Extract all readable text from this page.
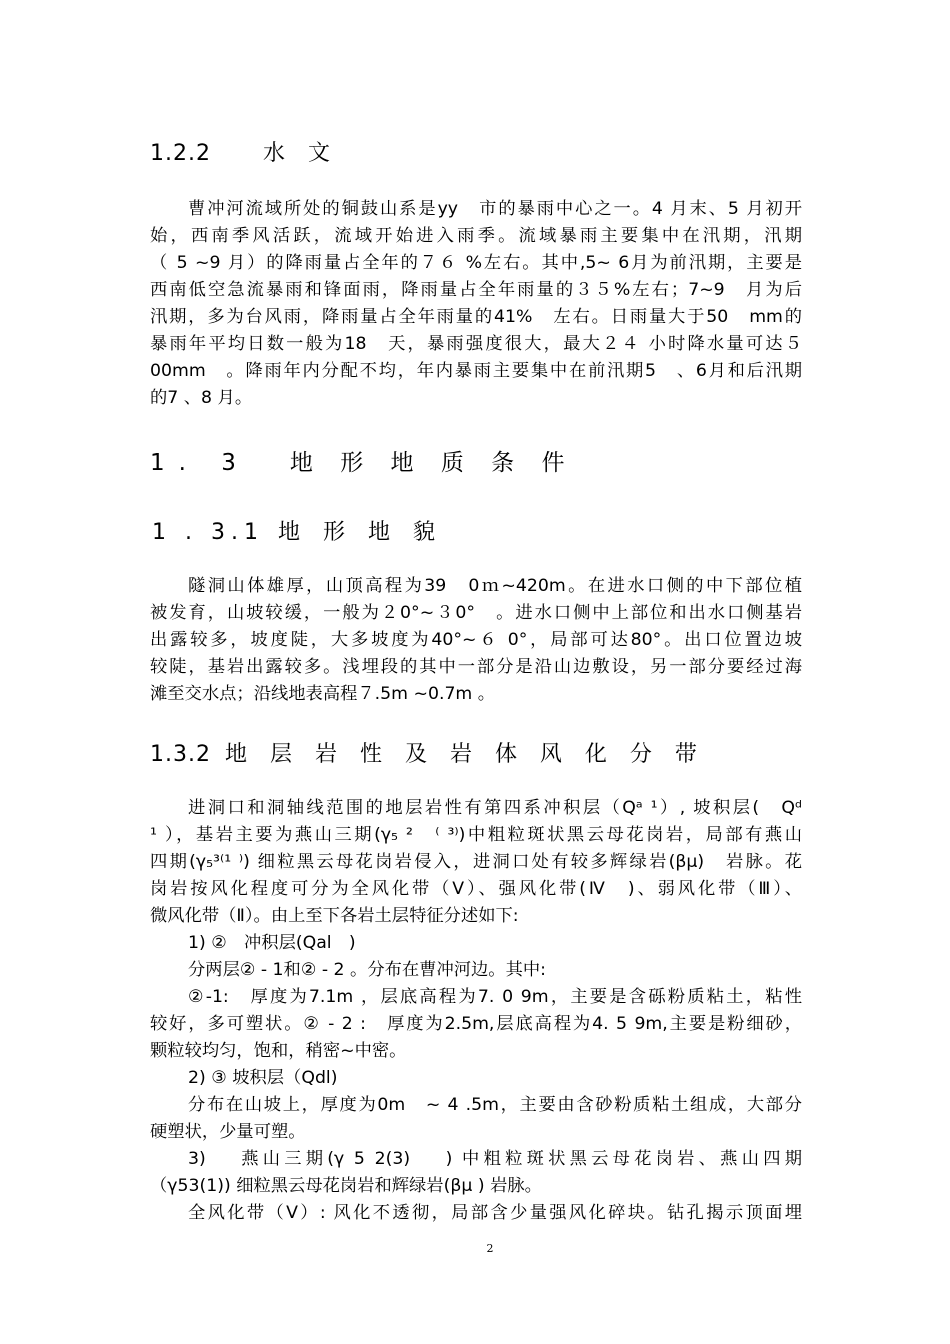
1.2.2 水 文
曹冲河流域所处的铜鼓山系是yy　市的暴雨中心之一。4 月末、5 月初开
始，西南季风活跃，流域开始进入雨季。流域暴雨主要集中在汛期，汛期
（ 5 ~9 月）的降雨量占全年的７６ %左右。其中,5~ 6月为前汛期，主要是
西南低空急流暴雨和锋面雨，降雨量占全年雨量的３５%左右；7~9　月为后
汛期，多为台风雨，降雨量占全年雨量的41%　左右。日雨量大于50　mm的
暴雨年平均日数一般为18　天，暴雨强度很大，最大２４ 小时降水量可达５
00mm　。降雨年内分配不均，年内暴雨主要集中在前汛期5　、6月和后汛期
的7 、8 月。
1. 3 地 形 地 质 条 件
1 . 3.1 地 形 地 貌
隧洞山体雄厚，山顶高程为39　0ｍ~420m。在进水口侧的中下部位植
被发育，山坡较缓，一般为２0°~３0°　。进水口侧中上部位和出水口侧基岩
出露较多，坡度陡，大多坡度为40°~６ 0°，局部可达80°。出口位置边坡
较陡，基岩出露较多。浅埋段的其中一部分是沿山边敷设，另一部分要经过海
滩至交水点；沿线地表高程７.5m ~0.7m 。
1.3.2 地 层 岩 性 及 岩 体 风 化 分 带
进洞口和洞轴线范围的地层岩性有第四系冲积层（Qᵃ ¹）, 坡积层(　Qᵈ
¹ ），基岩主要为燕山三期(γ₅ ²　⁽ ³⁾)中粗粒斑状黑云母花岗岩，局部有燕山
四期(γ₅³⁽¹ ⁾) 细粒黑云母花岗岩侵入，进洞口处有较多辉绿岩(βμ)　岩脉。花
岗岩按风化程度可分为全风化带（Ⅴ）、强风化带(Ⅳ　)、弱风化带（Ⅲ）、
微风化带（Ⅱ）。由上至下各岩土层特征分述如下:
1) ②　冲积层(Qal　)
分两层② - 1和② - 2 。分布在曹冲河边。其中:
②-1:　厚度为7.1m ，层底高程为7. 0 9m，主要是含砾粉质粘土，粘性
较好，多可塑状。② - 2 :　厚度为2.5m,层底高程为4. 5 9m,主要是粉细砂，
颗粒较均匀，饱和，稍密~中密。
2) ③ 坡积层（Qdl)
分布在山坡上，厚度为0m　~ 4 .5m，主要由含砂粉质粘土组成，大部分
硬塑状，少量可塑。
3)　 燕山三期(γ 5 2(3)　 ) 中粗粒斑状黑云母花岗岩、燕山四期
（γ53(1)) 细粒黑云母花岗岩和辉绿岩(βμ ) 岩脉。
全风化带（Ⅴ）: 风化不透彻，局部含少量强风化碎块。钻孔揭示顶面埋
2
